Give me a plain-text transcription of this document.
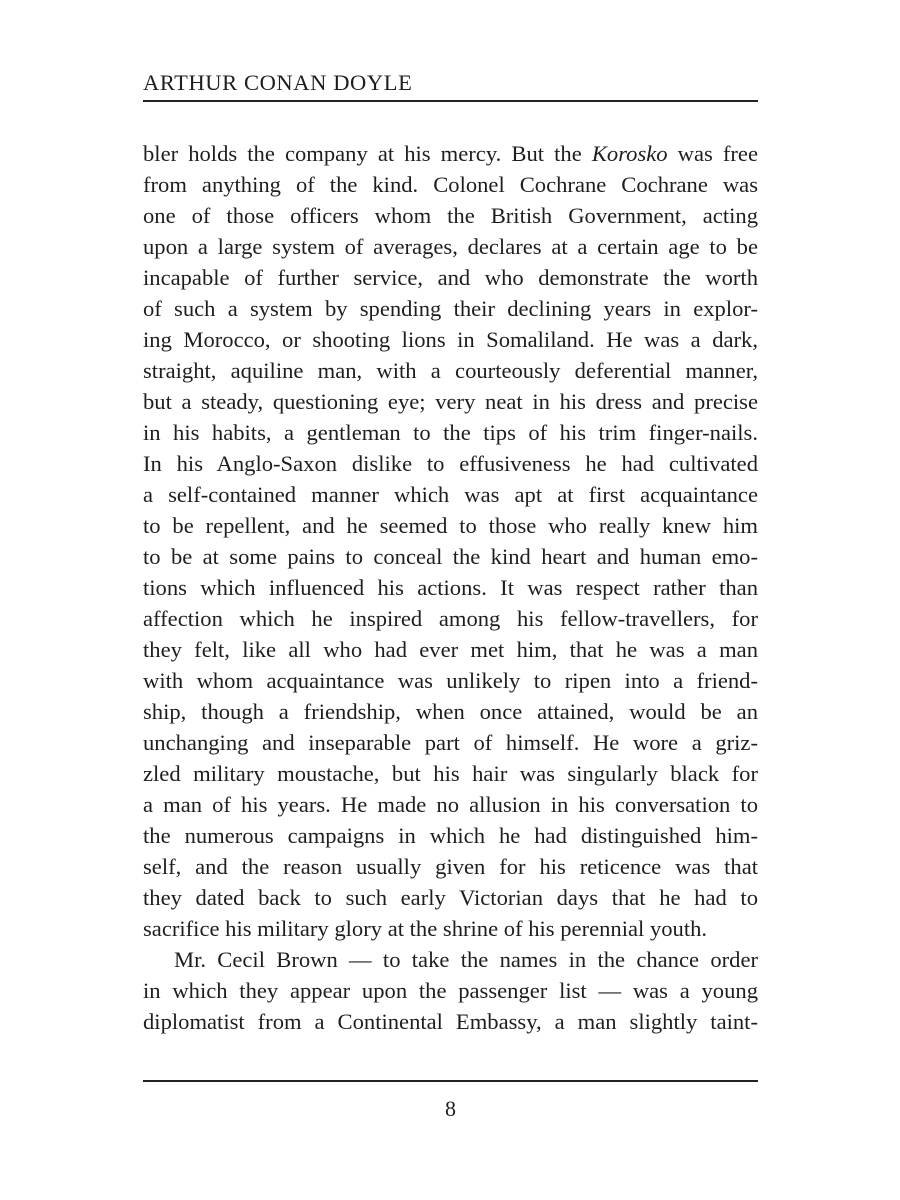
ARTHUR CONAN DOYLE
bler holds the company at his mercy. But the Korosko was free
from anything of the kind. Colonel Cochrane Cochrane was
one of those officers whom the British Government, acting
upon a large system of averages, declares at a certain age to be
incapable of further service, and who demonstrate the worth
of such a system by spending their declining years in explor-
ing Morocco, or shooting lions in Somaliland. He was a dark,
straight, aquiline man, with a courteously deferential manner,
but a steady, questioning eye; very neat in his dress and precise
in his habits, a gentleman to the tips of his trim finger-nails.
In his Anglo-Saxon dislike to effusiveness he had cultivated
a self-contained manner which was apt at first acquaintance
to be repellent, and he seemed to those who really knew him
to be at some pains to conceal the kind heart and human emo-
tions which influenced his actions. It was respect rather than
affection which he inspired among his fellow-travellers, for
they felt, like all who had ever met him, that he was a man
with whom acquaintance was unlikely to ripen into a friend-
ship, though a friendship, when once attained, would be an
unchanging and inseparable part of himself. He wore a griz-
zled military moustache, but his hair was singularly black for
a man of his years. He made no allusion in his conversation to
the numerous campaigns in which he had distinguished him-
self, and the reason usually given for his reticence was that
they dated back to such early Victorian days that he had to
sacrifice his military glory at the shrine of his perennial youth.
Mr. Cecil Brown — to take the names in the chance order
in which they appear upon the passenger list — was a young
diplomatist from a Continental Embassy, a man slightly taint-
8
